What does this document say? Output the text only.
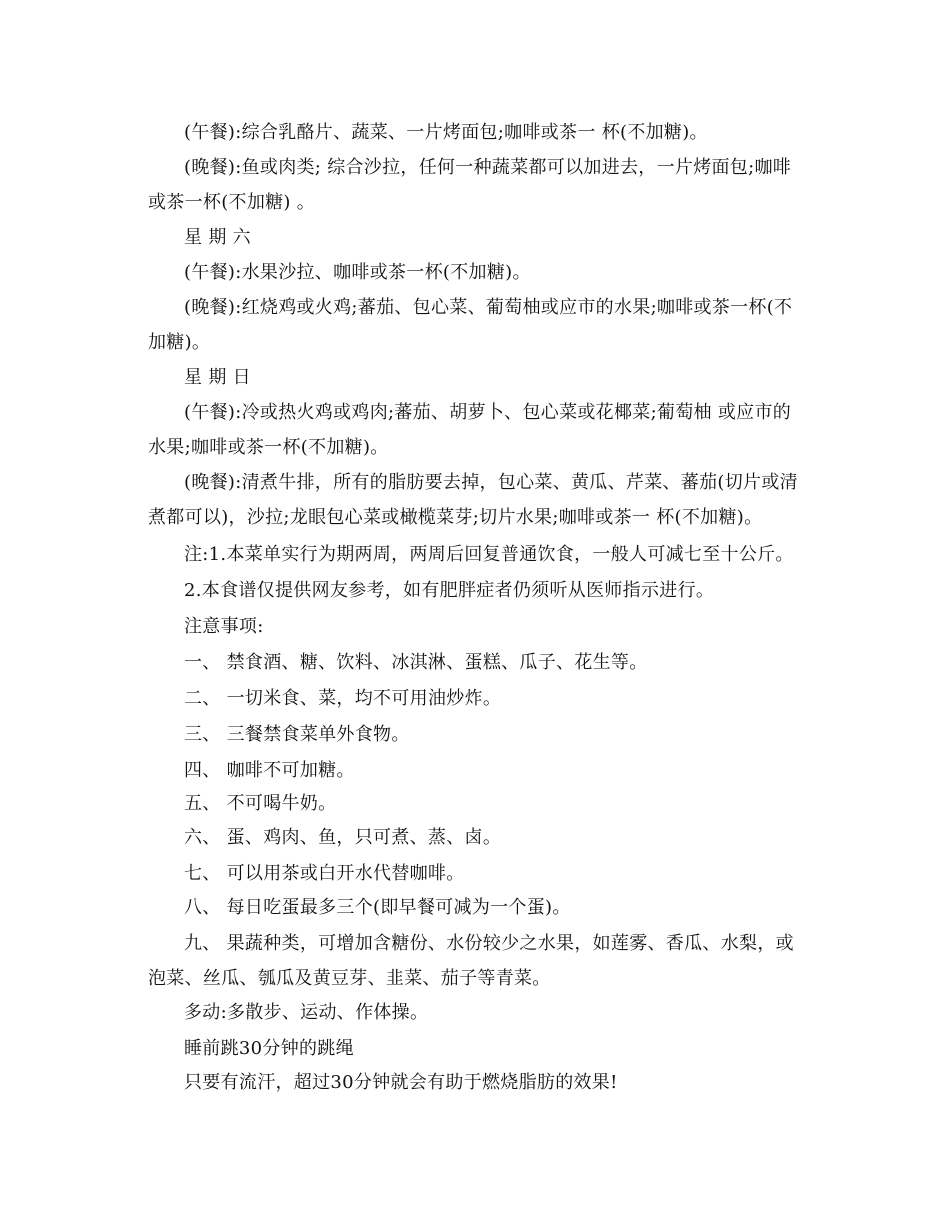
(午餐):综合乳酪片、蔬菜、一片烤面包;咖啡或茶一 杯(不加糖)。

(晚餐):鱼或肉类; 综合沙拉，任何一种蔬菜都可以加进去，一片烤面包;咖啡或茶一杯(不加糖) 。

星 期 六

(午餐):水果沙拉、咖啡或茶一杯(不加糖)。

(晚餐):红烧鸡或火鸡;蕃茄、包心菜、葡萄柚或应市的水果;咖啡或茶一杯(不加糖)。

星 期 日

(午餐):冷或热火鸡或鸡肉;蕃茄、胡萝卜、包心菜或花椰菜;葡萄柚 或应市的水果;咖啡或茶一杯(不加糖)。

(晚餐):清煮牛排，所有的脂肪要去掉，包心菜、黄瓜、芹菜、蕃茄(切片或清煮都可以)，沙拉;龙眼包心菜或橄榄菜芽;切片水果;咖啡或茶一 杯(不加糖)。

注:1.本菜单实行为期两周，两周后回复普通饮食，一般人可减七至十公斤。

2.本食谱仅提供网友参考，如有肥胖症者仍须听从医师指示进行。

注意事项:

一、 禁食酒、糖、饮料、冰淇淋、蛋糕、瓜子、花生等。

二、 一切米食、菜，均不可用油炒炸。

三、 三餐禁食菜单外食物。

四、 咖啡不可加糖。

五、 不可喝牛奶。

六、 蛋、鸡肉、鱼，只可煮、蒸、卤。

七、 可以用茶或白开水代替咖啡。

八、 每日吃蛋最多三个(即早餐可减为一个蛋)。

九、 果蔬种类，可增加含糖份、水份较少之水果，如莲雾、香瓜、水梨，或泡菜、丝瓜、瓠瓜及黄豆芽、韭菜、茄子等青菜。

多动:多散步、运动、作体操。

睡前跳30分钟的跳绳

只要有流汗，超过30分钟就会有助于燃烧脂肪的效果!
